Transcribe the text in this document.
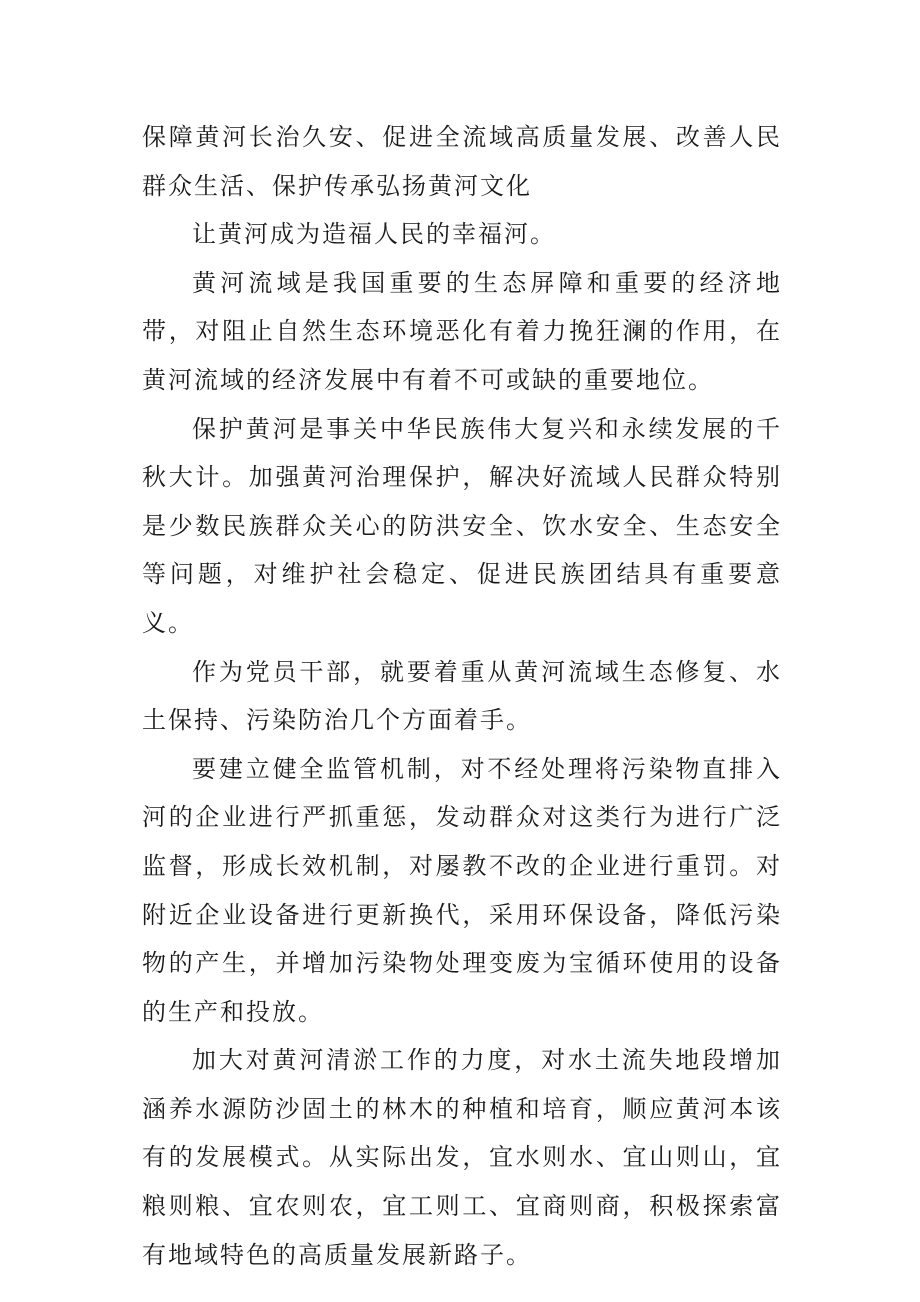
保障黄河长治久安、促进全流域高质量发展、改善人民群众生活、保护传承弘扬黄河文化

让黄河成为造福人民的幸福河。

黄河流域是我国重要的生态屏障和重要的经济地带，对阻止自然生态环境恶化有着力挽狂澜的作用，在黄河流域的经济发展中有着不可或缺的重要地位。

保护黄河是事关中华民族伟大复兴和永续发展的千秋大计。加强黄河治理保护，解决好流域人民群众特别是少数民族群众关心的防洪安全、饮水安全、生态安全等问题，对维护社会稳定、促进民族团结具有重要意义。

作为党员干部，就要着重从黄河流域生态修复、水土保持、污染防治几个方面着手。

要建立健全监管机制，对不经处理将污染物直排入河的企业进行严抓重惩，发动群众对这类行为进行广泛监督，形成长效机制，对屡教不改的企业进行重罚。对附近企业设备进行更新换代，采用环保设备，降低污染物的产生，并增加污染物处理变废为宝循环使用的设备的生产和投放。

加大对黄河清淤工作的力度，对水土流失地段增加涵养水源防沙固土的林木的种植和培育，顺应黄河本该有的发展模式。从实际出发，宜水则水、宜山则山，宜粮则粮、宜农则农，宜工则工、宜商则商，积极探索富有地域特色的高质量发展新路子。
